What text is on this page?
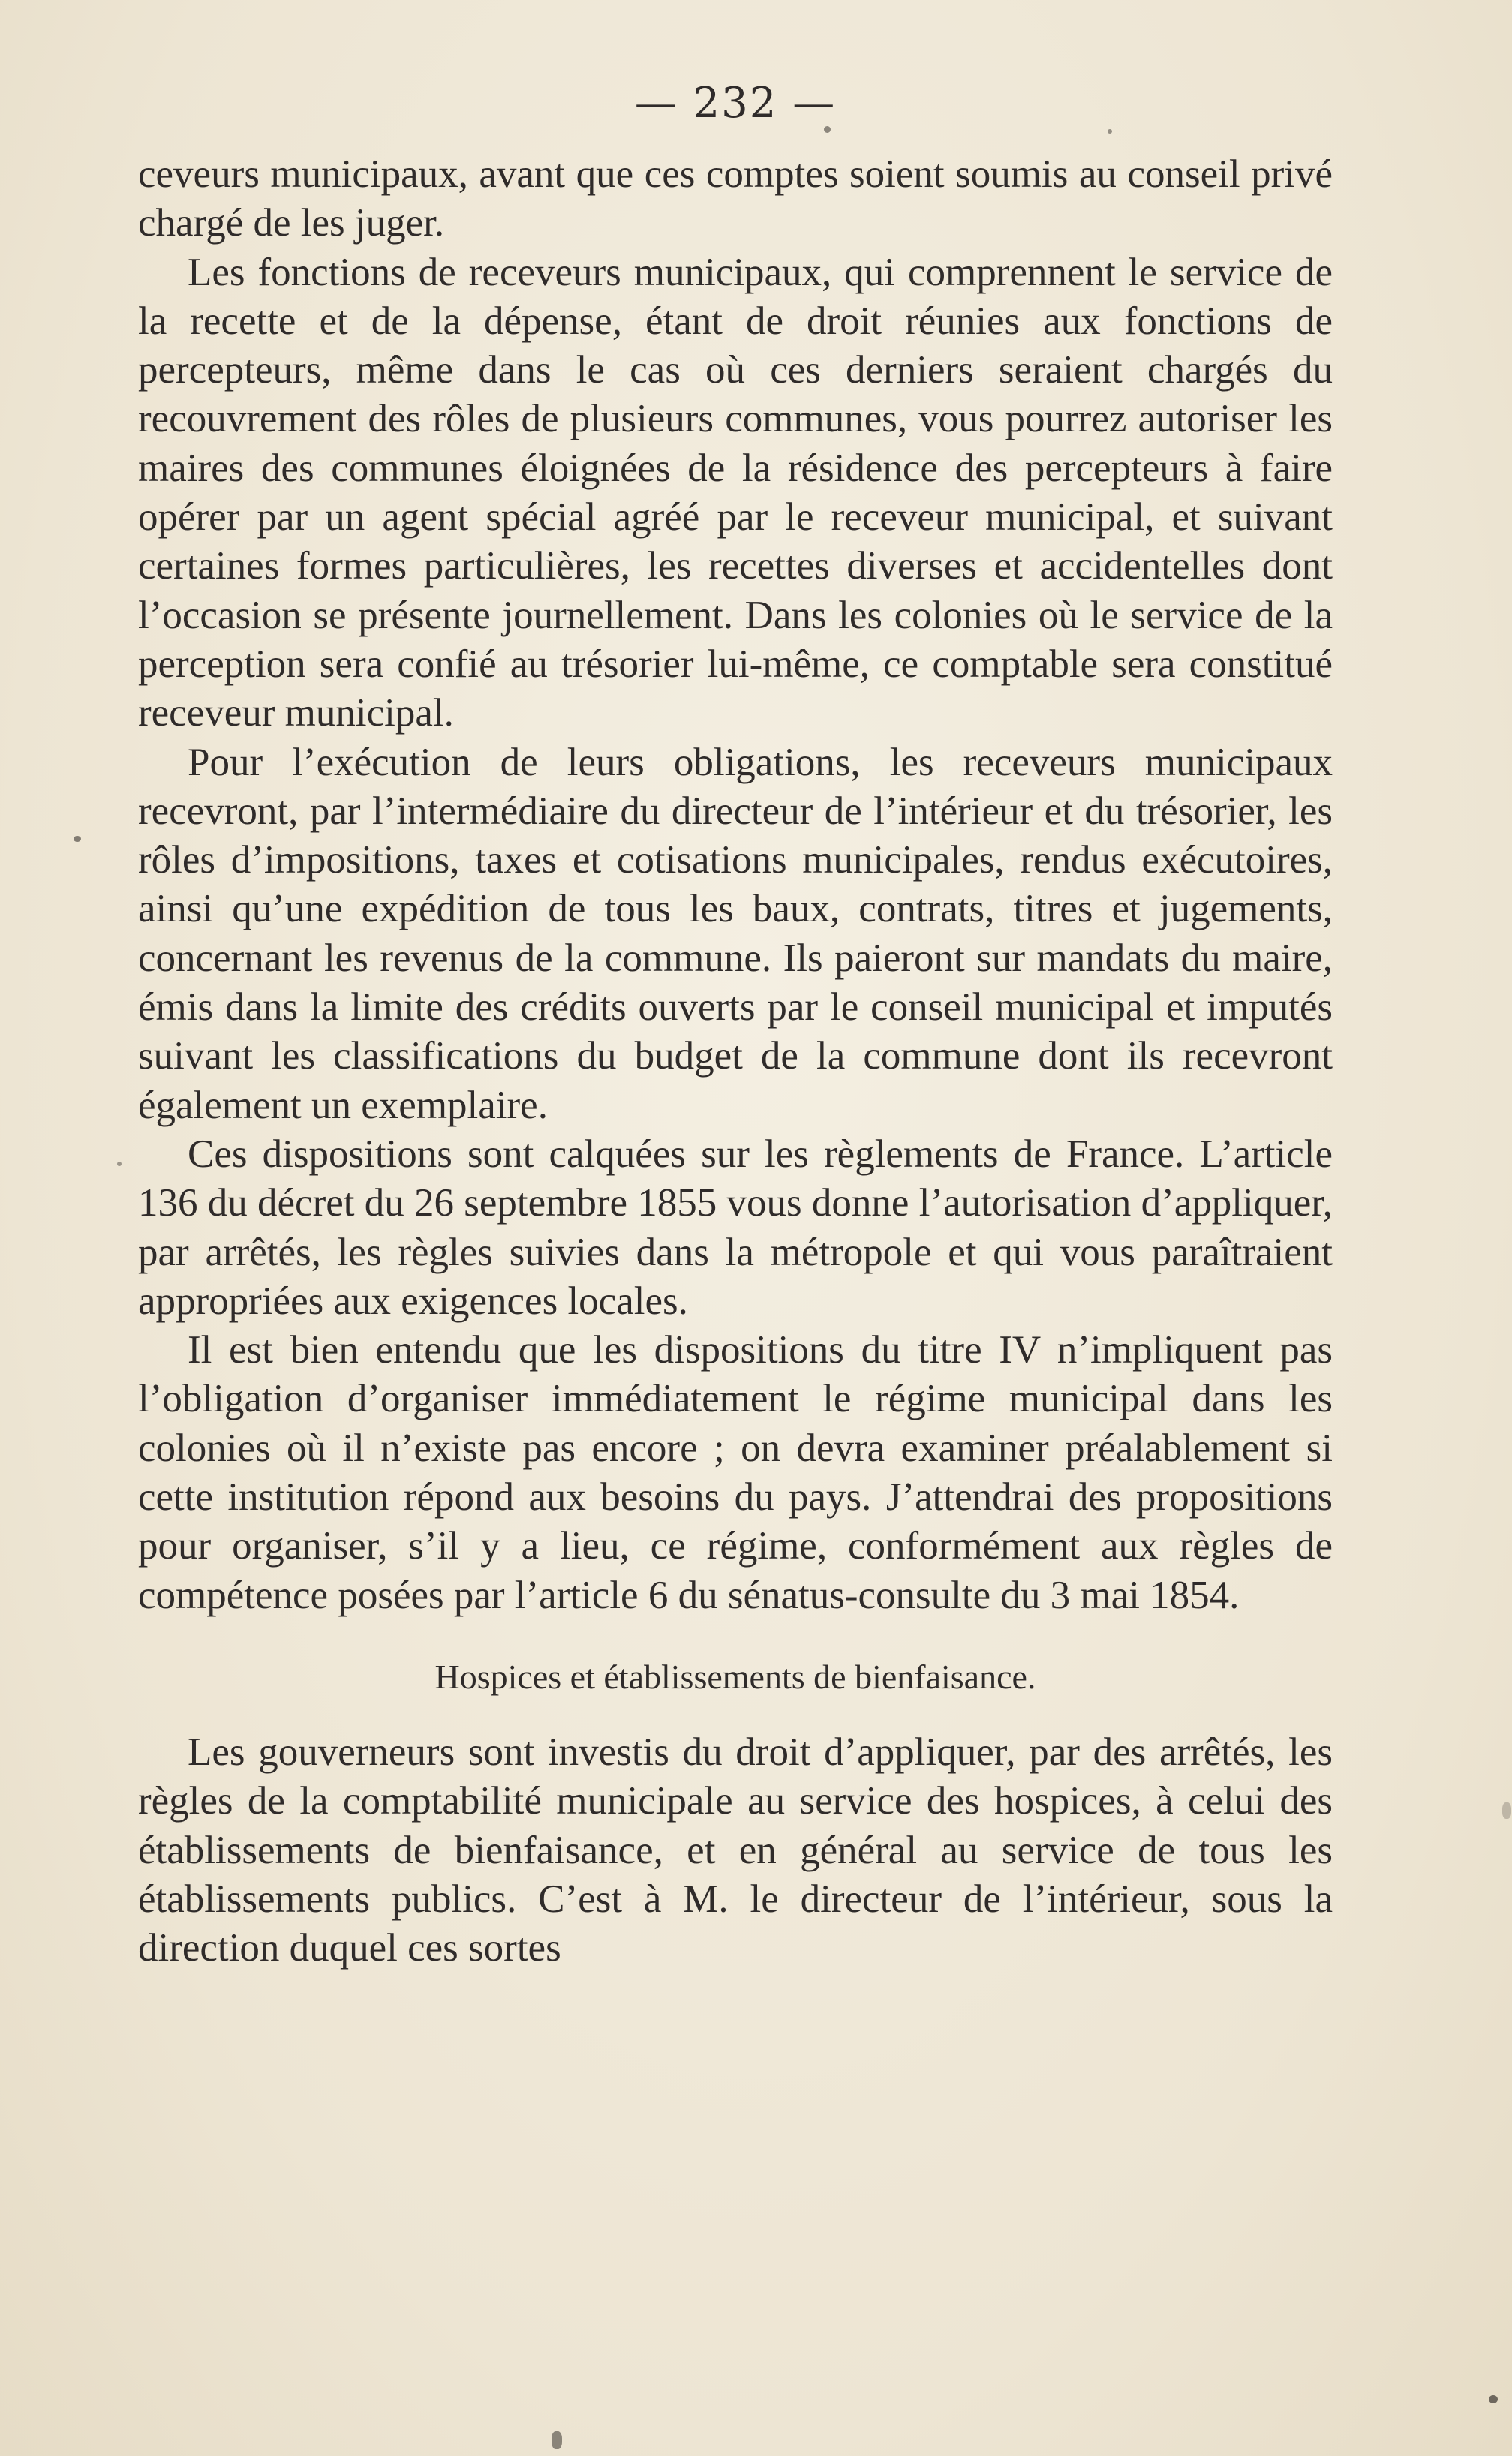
— 232 —

ceveurs municipaux, avant que ces comptes soient soumis au conseil privé chargé de les juger.

Les fonctions de receveurs municipaux, qui comprennent le service de la recette et de la dépense, étant de droit réunies aux fonctions de percepteurs, même dans le cas où ces derniers seraient chargés du recouvrement des rôles de plusieurs communes, vous pourrez autoriser les maires des communes éloignées de la résidence des percepteurs à faire opérer par un agent spécial agréé par le receveur municipal, et suivant certaines formes particulières, les recettes diverses et accidentelles dont l’occasion se présente journellement. Dans les colonies où le service de la perception sera confié au trésorier lui-même, ce comptable sera constitué receveur municipal.

Pour l’exécution de leurs obligations, les receveurs municipaux recevront, par l’intermédiaire du directeur de l’intérieur et du trésorier, les rôles d’impositions, taxes et cotisations municipales, rendus exécutoires, ainsi qu’une expédition de tous les baux, contrats, titres et jugements, concernant les revenus de la commune. Ils paieront sur mandats du maire, émis dans la limite des crédits ouverts par le conseil municipal et imputés suivant les classifications du budget de la commune dont ils recevront également un exemplaire.

Ces dispositions sont calquées sur les règlements de France. L’article 136 du décret du 26 septembre 1855 vous donne l’autorisation d’appliquer, par arrêtés, les règles suivies dans la métropole et qui vous paraîtraient appropriées aux exigences locales.

Il est bien entendu que les dispositions du titre IV n’impliquent pas l’obligation d’organiser immédiatement le régime municipal dans les colonies où il n’existe pas encore ; on devra examiner préalablement si cette institution répond aux besoins du pays. J’attendrai des propositions pour organiser, s’il y a lieu, ce régime, conformément aux règles de compétence posées par l’article 6 du sénatus-consulte du 3 mai 1854.

Hospices et établissements de bienfaisance.

Les gouverneurs sont investis du droit d’appliquer, par des arrêtés, les règles de la comptabilité municipale au service des hospices, à celui des établissements de bienfaisance, et en général au service de tous les établissements publics. C’est à M. le directeur de l’intérieur, sous la direction duquel ces sortes
